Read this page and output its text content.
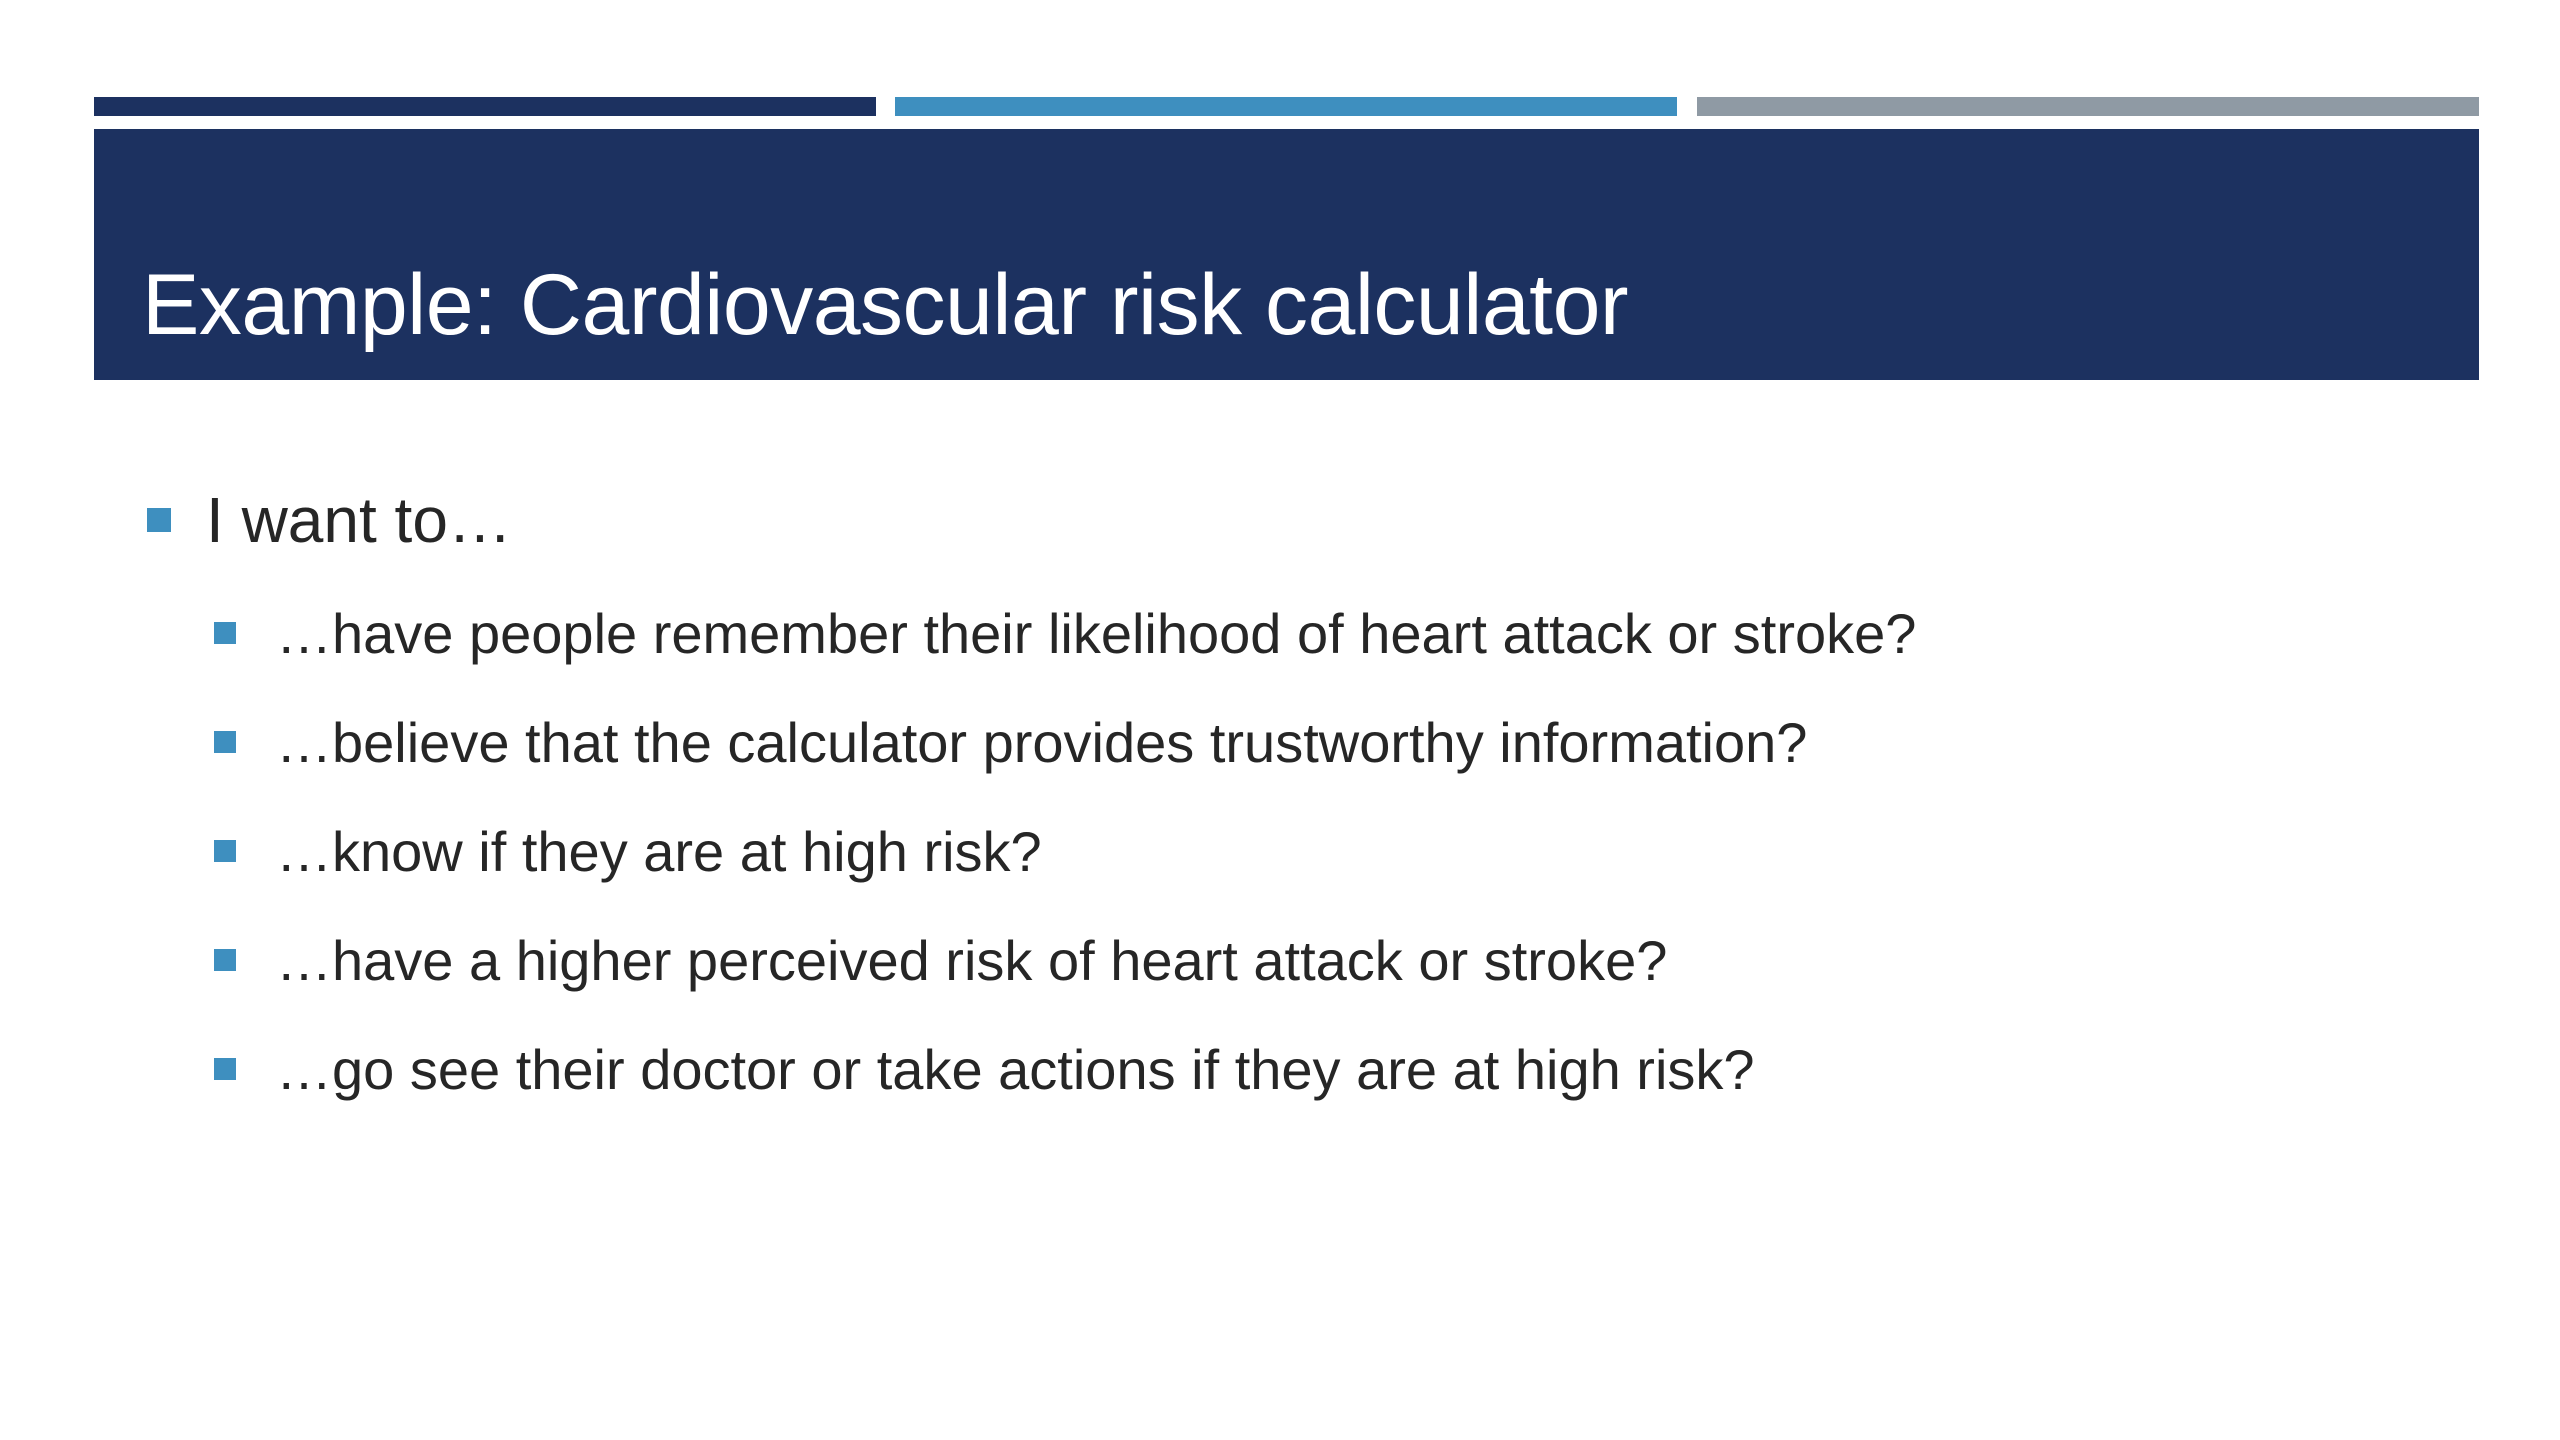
Example: Cardiovascular risk calculator
I want to…
…have people remember their likelihood of heart attack or stroke?
…believe that the calculator provides trustworthy information?
…know if they are at high risk?
…have a higher perceived risk of heart attack or stroke?
…go see their doctor or take actions if they are at high risk?
